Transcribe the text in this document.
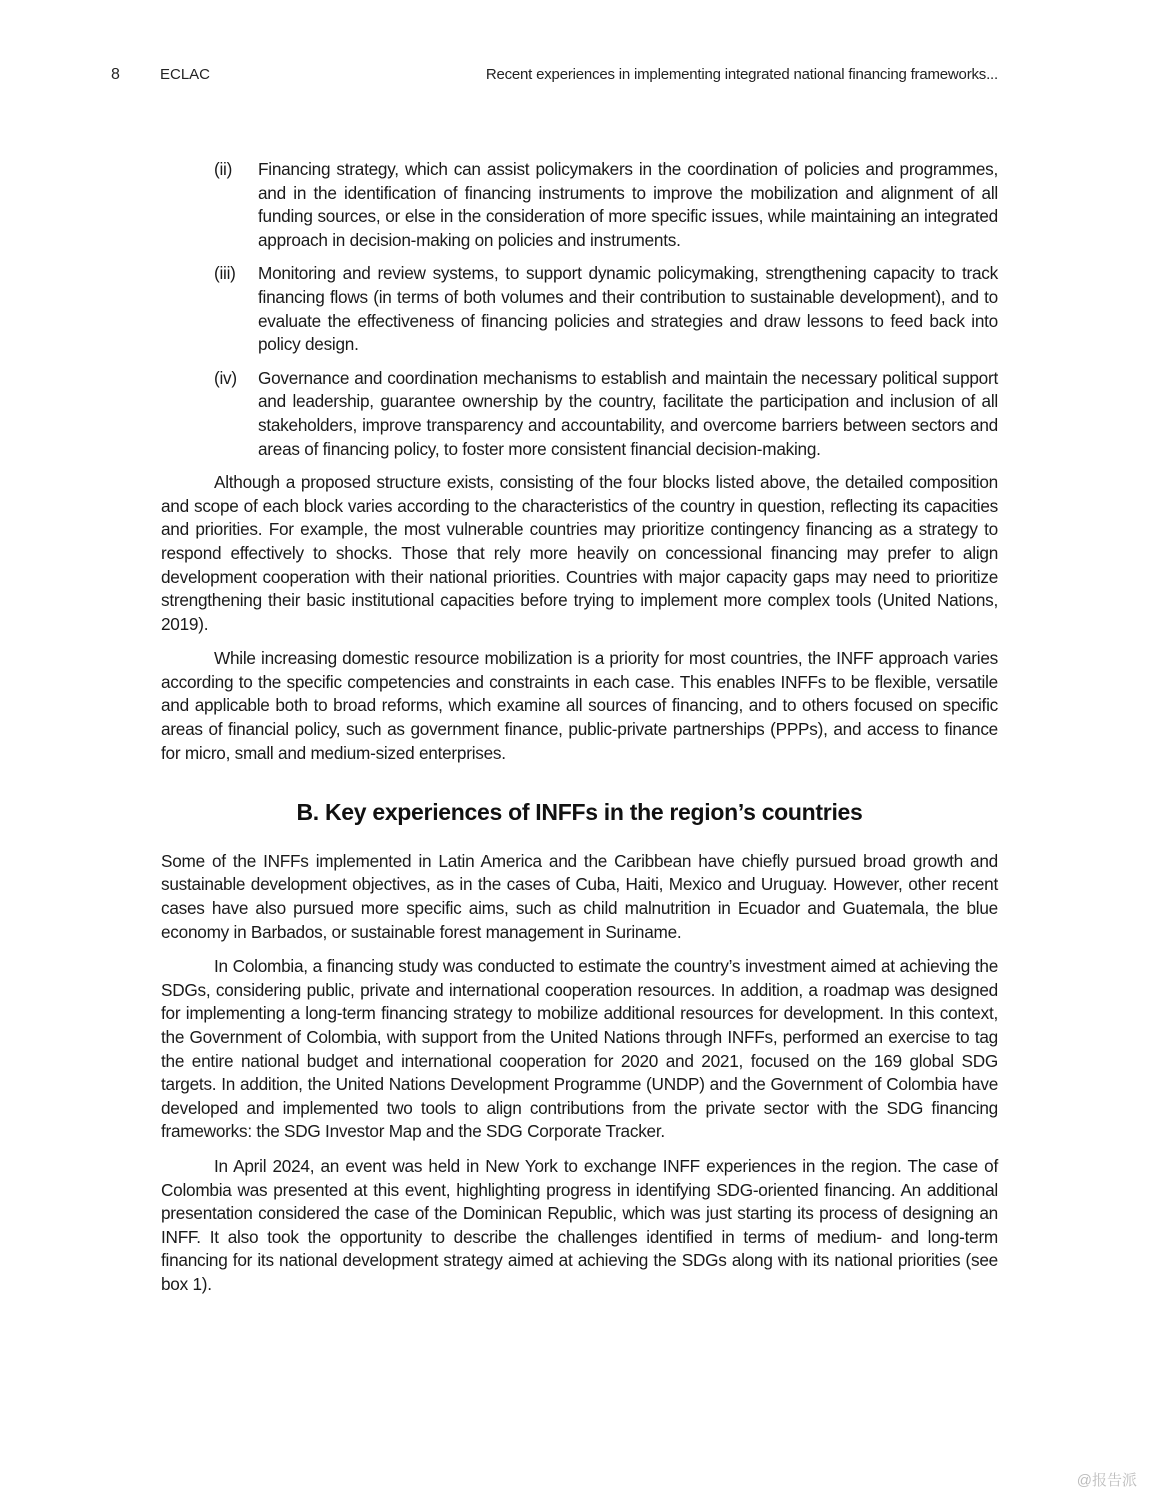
8	ECLAC	Recent experiences in implementing integrated national financing frameworks...
(ii)	Financing strategy, which can assist policymakers in the coordination of policies and programmes, and in the identification of financing instruments to improve the mobilization and alignment of all funding sources, or else in the consideration of more specific issues, while maintaining an integrated approach in decision-making on policies and instruments.
(iii)	Monitoring and review systems, to support dynamic policymaking, strengthening capacity to track financing flows (in terms of both volumes and their contribution to sustainable development), and to evaluate the effectiveness of financing policies and strategies and draw lessons to feed back into policy design.
(iv)	Governance and coordination mechanisms to establish and maintain the necessary political support and leadership, guarantee ownership by the country, facilitate the participation and inclusion of all stakeholders, improve transparency and accountability, and overcome barriers between sectors and areas of financing policy, to foster more consistent financial decision-making.

Although a proposed structure exists, consisting of the four blocks listed above, the detailed composition and scope of each block varies according to the characteristics of the country in question, reflecting its capacities and priorities. For example, the most vulnerable countries may prioritize contingency financing as a strategy to respond effectively to shocks. Those that rely more heavily on concessional financing may prefer to align development cooperation with their national priorities. Countries with major capacity gaps may need to prioritize strengthening their basic institutional capacities before trying to implement more complex tools (United Nations, 2019).

While increasing domestic resource mobilization is a priority for most countries, the INFF approach varies according to the specific competencies and constraints in each case. This enables INFFs to be flexible, versatile and applicable both to broad reforms, which examine all sources of financing, and to others focused on specific areas of financial policy, such as government finance, public-private partnerships (PPPs), and access to finance for micro, small and medium-sized enterprises.

B. Key experiences of INFFs in the region’s countries

Some of the INFFs implemented in Latin America and the Caribbean have chiefly pursued broad growth and sustainable development objectives, as in the cases of Cuba, Haiti, Mexico and Uruguay. However, other recent cases have also pursued more specific aims, such as child malnutrition in Ecuador and Guatemala, the blue economy in Barbados, or sustainable forest management in Suriname.

In Colombia, a financing study was conducted to estimate the country’s investment aimed at achieving the SDGs, considering public, private and international cooperation resources. In addition, a roadmap was designed for implementing a long-term financing strategy to mobilize additional resources for development. In this context, the Government of Colombia, with support from the United Nations through INFFs, performed an exercise to tag the entire national budget and international cooperation for 2020 and 2021, focused on the 169 global SDG targets. In addition, the United Nations Development Programme (UNDP) and the Government of Colombia have developed and implemented two tools to align contributions from the private sector with the SDG financing frameworks: the SDG Investor Map and the SDG Corporate Tracker.

In April 2024, an event was held in New York to exchange INFF experiences in the region. The case of Colombia was presented at this event, highlighting progress in identifying SDG-oriented financing. An additional presentation considered the case of the Dominican Republic, which was just starting its process of designing an INFF. It also took the opportunity to describe the challenges identified in terms of medium- and long-term financing for its national development strategy aimed at achieving the SDGs along with its national priorities (see box 1).

@报告派
